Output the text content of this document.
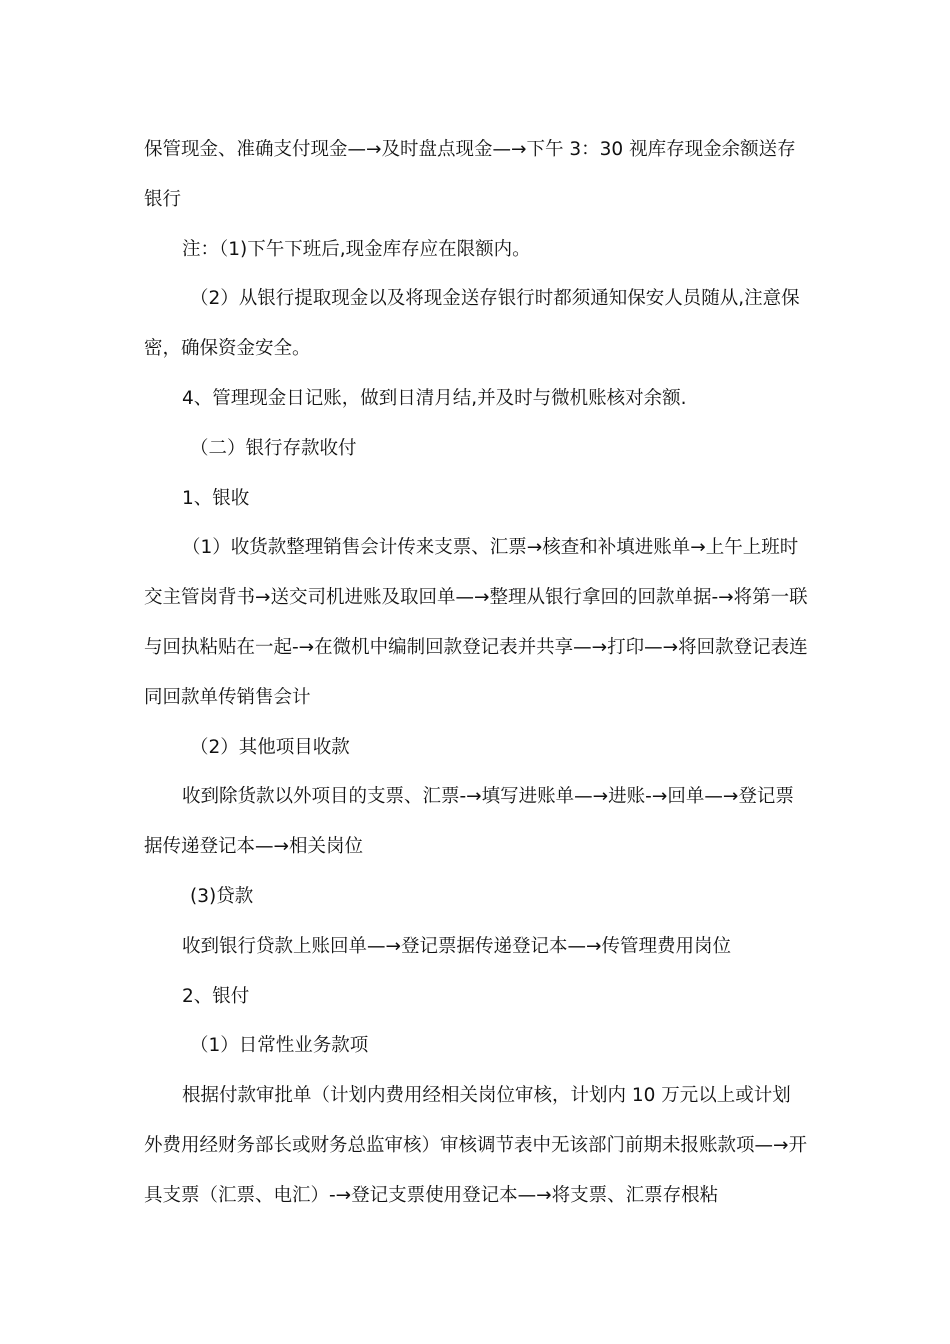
保管现金、准确支付现金—→及时盘点现金—→下午 3：30 视库存现金余额送存银行

注：（1)下午下班后,现金库存应在限额内。

（2）从银行提取现金以及将现金送存银行时都须通知保安人员随从,注意保密，确保资金安全。

4、管理现金日记账，做到日清月结,并及时与微机账核对余额.

（二）银行存款收付

1、银收

（1）收货款整理销售会计传来支票、汇票→核查和补填进账单→上午上班时交主管岗背书→送交司机进账及取回单—→整理从银行拿回的回款单据-→将第一联与回执粘贴在一起-→在微机中编制回款登记表并共享—→打印—→将回款登记表连同回款单传销售会计

（2）其他项目收款

收到除货款以外项目的支票、汇票-→填写进账单—→进账-→回单—→登记票据传递登记本—→相关岗位

(3)贷款

收到银行贷款上账回单—→登记票据传递登记本—→传管理费用岗位

2、银付

（1）日常性业务款项

根据付款审批单（计划内费用经相关岗位审核，计划内 10 万元以上或计划外费用经财务部长或财务总监审核）审核调节表中无该部门前期未报账款项—→开具支票（汇票、电汇）-→登记支票使用登记本—→将支票、汇票存根粘
